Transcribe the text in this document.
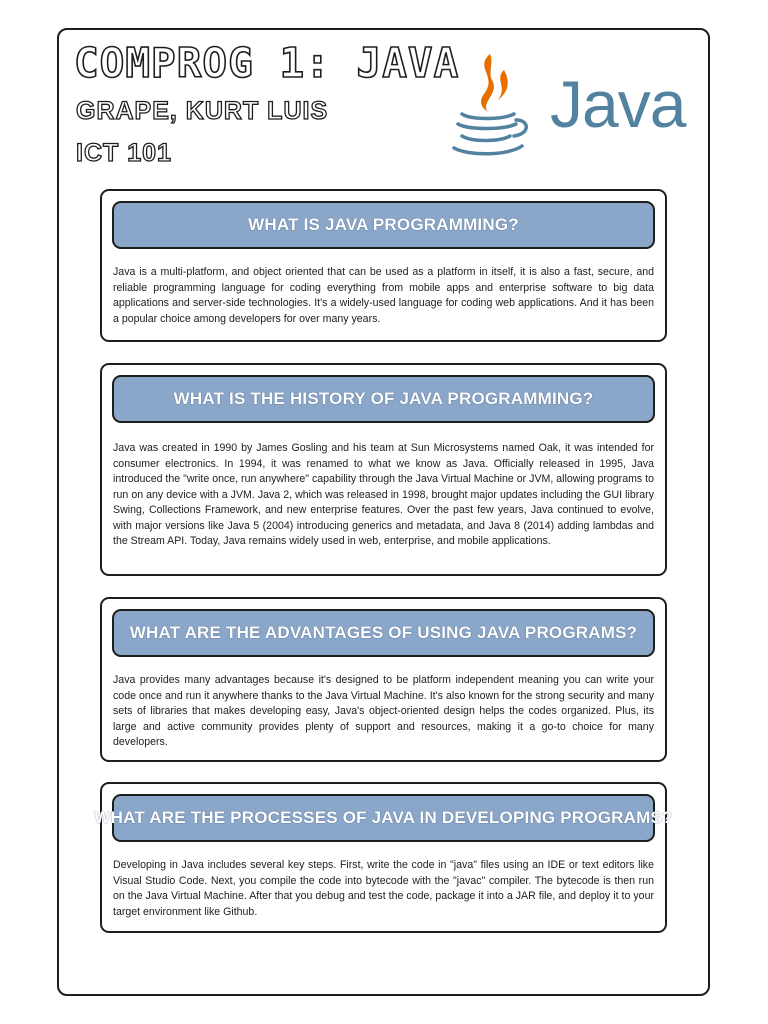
COMPROG 1: JAVA
GRAPE, KURT LUIS
ICT 101
Java
WHAT IS JAVA PROGRAMMING?

Java is a multi-platform, and object oriented that can be used as a platform in itself, it is also a fast, secure, and reliable programming language for coding everything from mobile apps and enterprise software to big data applications and server-side technologies. It's a widely-used language for coding web applications. And it has been a popular choice among developers for over many years.

WHAT IS THE HISTORY OF JAVA PROGRAMMING?

Java was created in 1990 by James Gosling and his team at Sun Microsystems named Oak, it was intended for consumer electronics. In 1994, it was renamed to what we know as Java. Officially released in 1995, Java introduced the "write once, run anywhere" capability through the Java Virtual Machine or JVM, allowing programs to run on any device with a JVM. Java 2, which was released in 1998, brought major updates including the GUI library Swing, Collections Framework, and new enterprise features. Over the past few years, Java continued to evolve, with major versions like Java 5 (2004) introducing generics and metadata, and Java 8 (2014) adding lambdas and the Stream API. Today, Java remains widely used in web, enterprise, and mobile applications.

WHAT ARE THE ADVANTAGES OF USING JAVA PROGRAMS?

Java provides many advantages because it's designed to be platform independent meaning you can write your code once and run it anywhere thanks to the Java Virtual Machine. It's also known for the strong security and many sets of libraries that makes developing easy, Java's object-oriented design helps the codes organized. Plus, its large and active community provides plenty of support and resources, making it a go-to choice for many developers.

WHAT ARE THE PROCESSES OF JAVA IN DEVELOPING PROGRAMS?

Developing in Java includes several key steps. First, write the code in "java" files using an IDE or text editors like Visual Studio Code. Next, you compile the code into bytecode with the "javac" compiler. The bytecode is then run on the Java Virtual Machine. After that you debug and test the code, package it into a JAR file, and deploy it to your target environment like Github.
